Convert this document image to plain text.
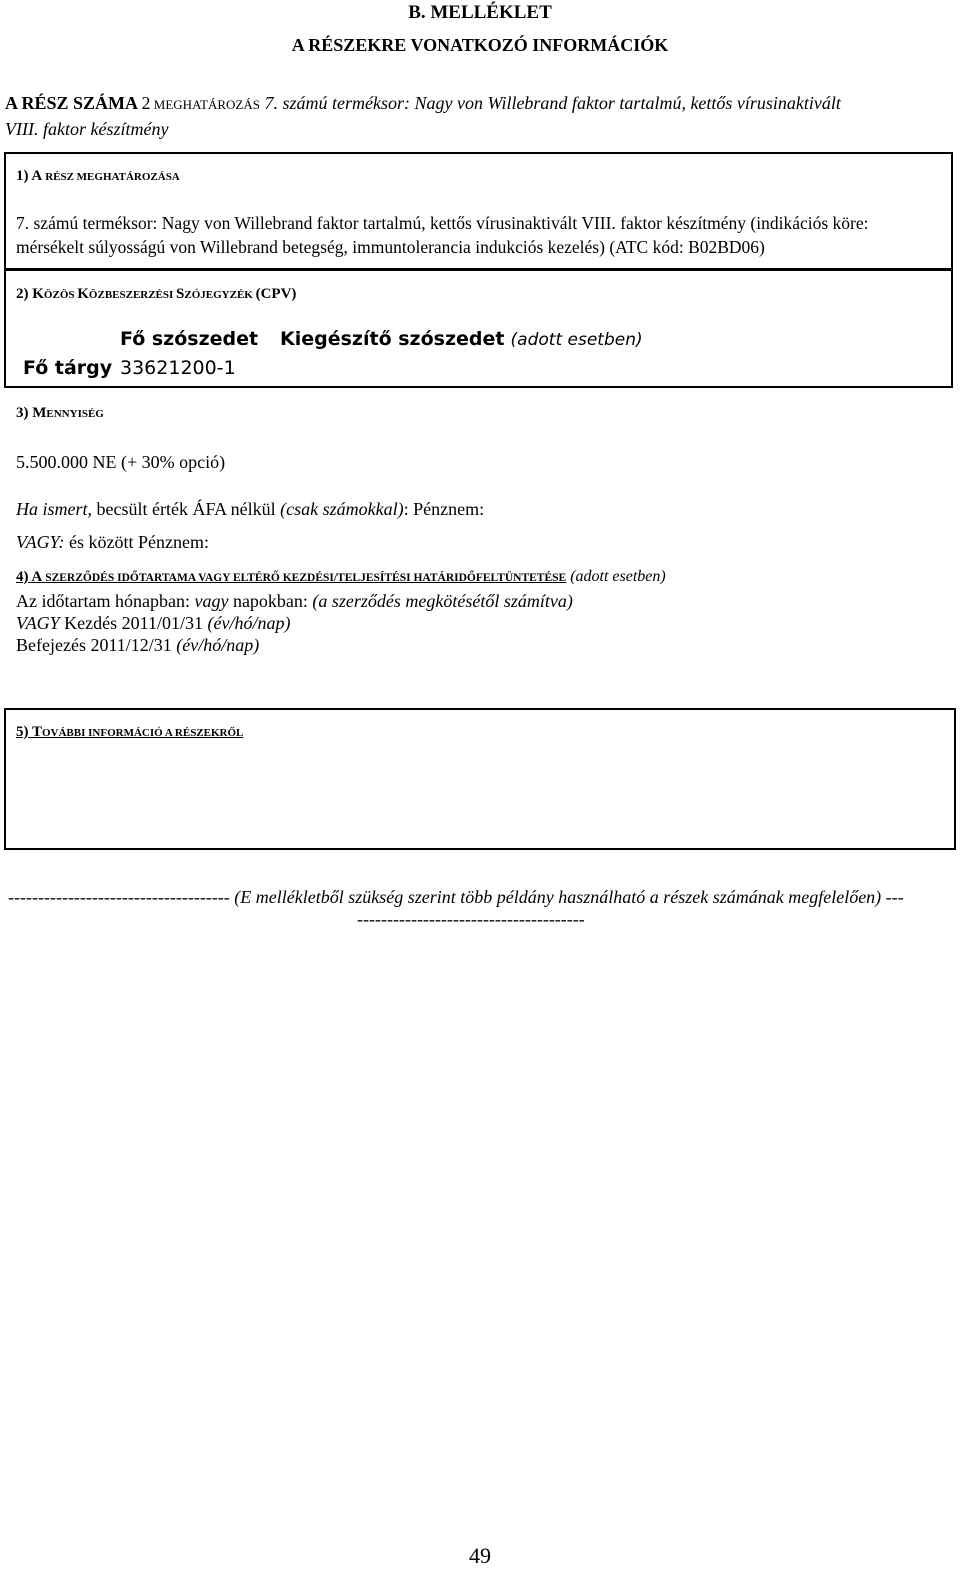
B. MELLÉKLET
A RÉSZEKRE VONATKOZÓ INFORMÁCIÓK
A RÉSZ SZÁMA 2 MEGHATÁROZÁS 7. számú terméksor: Nagy von Willebrand faktor tartalmú, kettős vírusinaktivált
VIII. faktor készítmény
1) A RÉSZ MEGHATÁROZÁSA
7. számú terméksor: Nagy von Willebrand faktor tartalmú, kettős vírusinaktivált VIII. faktor készítmény (indikációs köre:
mérsékelt súlyosságú von Willebrand betegség, immuntolerancia indukciós kezelés) (ATC kód: B02BD06)
2) KÖZÖS KÖZBESZERZÉSI SZÓJEGYZÉK (CPV)
Fő szószedet Kiegészítő szószedet (adott esetben)
Fő tárgy 33621200-1
3) MENNYISÉG
5.500.000 NE (+ 30% opció)
Ha ismert, becsült érték ÁFA nélkül (csak számokkal): Pénznem:
VAGY: és között Pénznem:
4) A SZERZŐDÉS IDŐTARTAMA VAGY ELTÉRŐ KEZDÉSI/TELJESÍTÉSI HATÁRIDŐFELTÜNTETÉSE (adott esetben)
Az időtartam hónapban: vagy napokban: (a szerződés megkötésétől számítva)
VAGY Kezdés 2011/01/31 (év/hó/nap)
Befejezés 2011/12/31 (év/hó/nap)
5) TOVÁBBI INFORMÁCIÓ A RÉSZEKRŐL
------------------------------------- (E mellékletből szükség szerint több példány használható a részek számának megfelelően) ---
--------------------------------------
49
